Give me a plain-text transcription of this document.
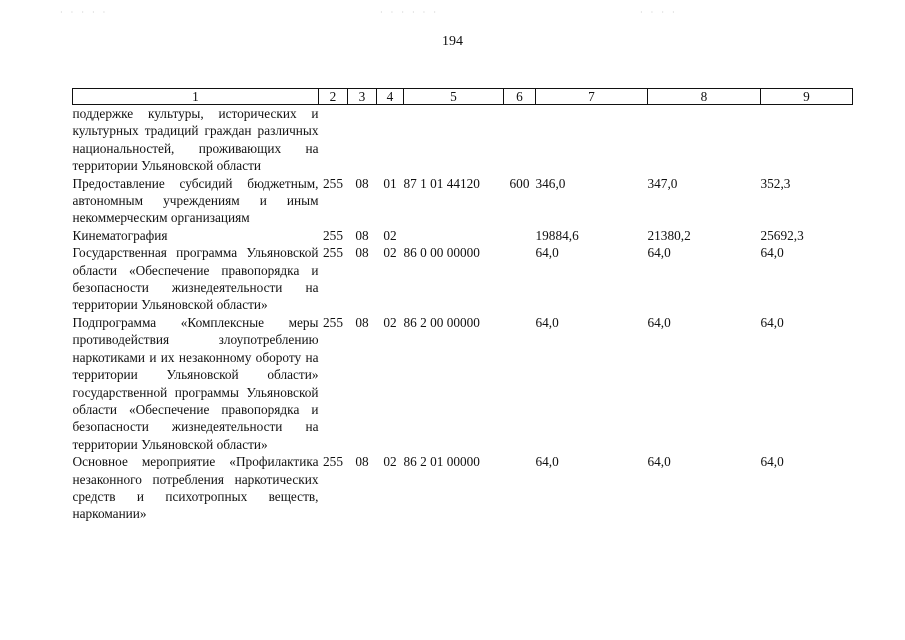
· · · · ·	· · · · · ·	· · · ·
194
1	2	3	4	5	6	7	8	9
поддержке культуры, исторических и культурных традиций граждан различных национальностей, проживающих на территории Ульяновской области								
Предоставление субсидий бюджетным, автономным учреждениям и иным некоммерческим организациям	255	08	01	87 1 01 44120	600	346,0	347,0	352,3
Кинематография	255	08	02			19884,6	21380,2	25692,3
Государственная программа Ульяновской области «Обеспечение правопорядка и безопасности жизнедеятельности на территории Ульяновской области»	255	08	02	86 0 00 00000		64,0	64,0	64,0
Подпрограмма «Комплексные меры противодействия злоупотреблению наркотиками и их незаконному обороту на территории Ульяновской области» государственной программы Ульяновской области «Обеспечение правопорядка и безопасности жизнедеятельности на территории Ульяновской области»	255	08	02	86 2 00 00000		64,0	64,0	64,0
Основное мероприятие «Профилактика незаконного потребления наркотических средств и психотропных веществ, наркомании»	255	08	02	86 2 01 00000		64,0	64,0	64,0
